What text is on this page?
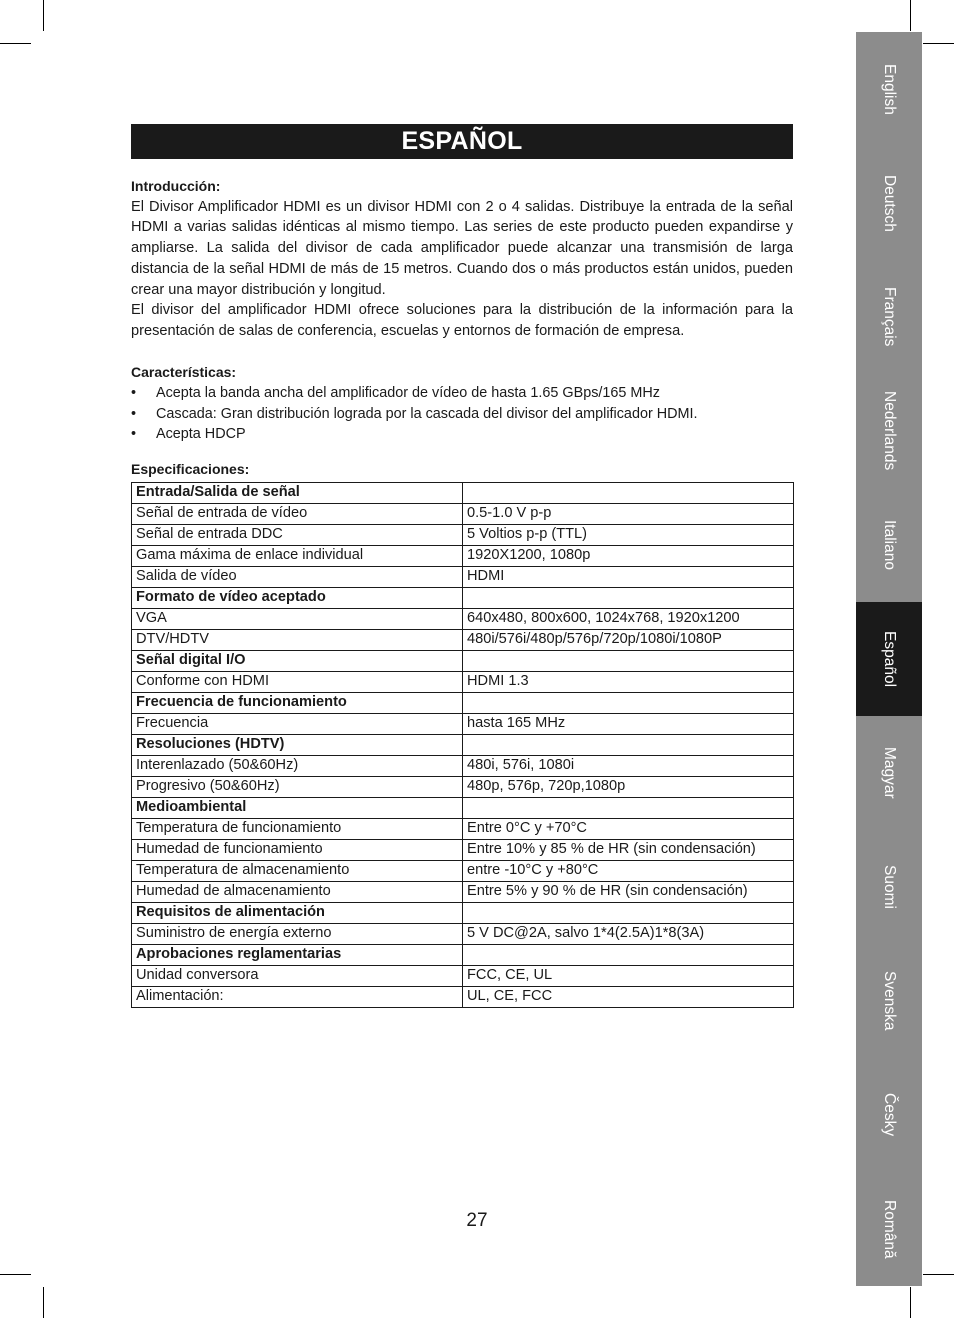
ESPAÑOL
Introducción:

El Divisor Amplificador HDMI es un divisor HDMI con 2 o 4 salidas. Distribuye la entrada de la señal HDMI a varias salidas idénticas al mismo tiempo. Las series de este producto pueden expandirse y ampliarse. La salida del divisor de cada amplificador puede alcanzar una transmisión de larga distancia de la señal HDMI de más de 15 metros. Cuando dos o más productos están unidos, pueden crear una mayor distribución y longitud.

El divisor del amplificador HDMI ofrece soluciones para la distribución de la información para la presentación de salas de conferencia, escuelas y entornos de formación de empresa.

Características:
• Acepta la banda ancha del amplificador de vídeo de hasta 1.65 GBps/165 MHz
• Cascada: Gran distribución lograda por la cascada del divisor del amplificador HDMI.
• Acepta HDCP
Especificaciones:
Entrada/Salida de señal	
Señal de entrada de vídeo	0.5-1.0 V p-p
Señal de entrada DDC	5 Voltios p-p (TTL)
Gama máxima de enlace individual	1920X1200, 1080p
Salida de vídeo	HDMI
Formato de vídeo aceptado	
VGA	640x480, 800x600, 1024x768, 1920x1200
DTV/HDTV	480i/576i/480p/576p/720p/1080i/1080P
Señal digital I/O	
Conforme con HDMI	HDMI 1.3
Frecuencia de funcionamiento	
Frecuencia	hasta 165 MHz
Resoluciones (HDTV)	
Interenlazado (50&60Hz)	480i, 576i, 1080i
Progresivo (50&60Hz)	480p, 576p, 720p,1080p
Medioambiental	
Temperatura de funcionamiento	Entre 0°C y +70°C
Humedad de funcionamiento	Entre 10% y 85 % de HR (sin condensación)
Temperatura de almacenamiento	entre -10°C y +80°C
Humedad de almacenamiento	Entre 5% y 90 % de HR (sin condensación)
Requisitos de alimentación	
Suministro de energía externo	5 V DC@2A, salvo 1*4(2.5A)1*8(3A)
Aprobaciones reglamentarias	
Unidad conversora	FCC, CE, UL
Alimentación:	UL, CE, FCC
English
Deutsch
Français
Nederlands
Italiano
Español
Magyar
Suomi
Svenska
Česky
Română
27
